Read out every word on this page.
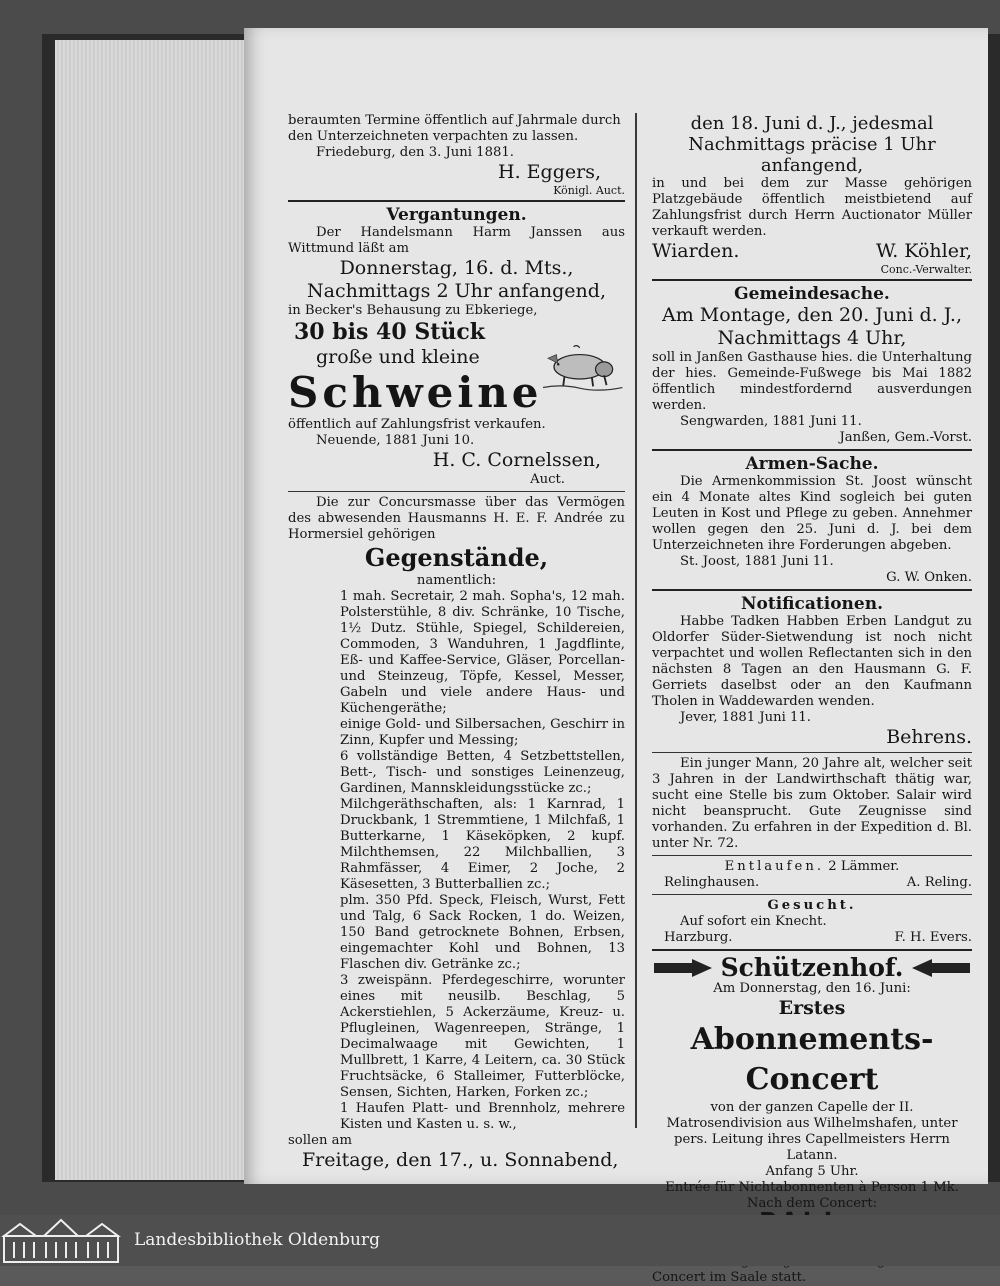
beraumten Termine öffentlich auf Jahrmale durch

den Unterzeichneten verpachten zu lassen.

Friedeburg, den 3. Juni 1881.

H. Eggers,

Königl. Auct.

Vergantungen.

Der Handelsmann Harm Janssen aus Wittmund läßt am

Donnerstag, 16. d. Mts.,

Nachmittags 2 Uhr anfangend,

in Becker's Behausung zu Ebkeriege,

30 bis 40 Stück

große und kleine

Schweine

öffentlich auf Zahlungsfrist verkaufen.

Neuende, 1881 Juni 10.

H. C. Cornelssen,

Auct.

Die zur Concursmasse über das Vermögen des abwesenden Hausmanns H. E. F. Andrée zu Hormersiel gehörigen

Gegenstände,

namentlich:

1 mah. Secretair, 2 mah. Sopha's, 12 mah. Polsterstühle, 8 div. Schränke, 10 Tische, 1½ Dutz. Stühle, Spiegel, Schildereien, Commoden, 3 Wanduhren, 1 Jagdflinte, Eß- und Kaffee-Service, Gläser, Porcellan- und Steinzeug, Töpfe, Kessel, Messer, Gabeln und viele andere Haus- und Küchengeräthe;

einige Gold- und Silbersachen, Geschirr in Zinn, Kupfer und Messing;

6 vollständige Betten, 4 Setzbettstellen, Bett-, Tisch- und sonstiges Leinenzeug, Gardinen, Mannskleidungsstücke zc.;

Milchgeräthschaften, als: 1 Karnrad, 1 Druckbank, 1 Stremmtiene, 1 Milchfaß, 1 Butterkarne, 1 Käseköpken, 2 kupf. Milchthemsen, 22 Milchballien, 3 Rahmfässer, 4 Eimer, 2 Joche, 2 Käsesetten, 3 Butterballien zc.;

plm. 350 Pfd. Speck, Fleisch, Wurst, Fett und Talg, 6 Sack Rocken, 1 do. Weizen, 150 Band getrocknete Bohnen, Erbsen, eingemachter Kohl und Bohnen, 13 Flaschen div. Getränke zc.;

3 zweispänn. Pferdegeschirre, worunter eines mit neusilb. Beschlag, 5 Ackerstiehlen, 5 Ackerzäume, Kreuz- u. Pflugleinen, Wagenreepen, Stränge, 1 Decimalwaage mit Gewichten, 1 Mullbrett, 1 Karre, 4 Leitern, ca. 30 Stück Fruchtsäcke, 6 Stalleimer, Futterblöcke, Sensen, Sichten, Harken, Forken zc.;

1 Haufen Platt- und Brennholz, mehrere Kisten und Kasten u. s. w.,

sollen am

Freitage, den 17., u. Sonnabend,

den 18. Juni d. J., jedesmal Nachmittags präcise 1 Uhr anfangend,

in und bei dem zur Masse gehörigen Platzgebäude öffentlich meistbietend auf Zahlungsfrist durch Herrn Auctionator Müller verkauft werden.

Wiarden.	W. Köhler,

Conc.-Verwalter.

Gemeindesache.

Am Montage, den 20. Juni d. J.,

Nachmittags 4 Uhr,

soll in Janßen Gasthause hies. die Unterhaltung der hies. Gemeinde-Fußwege bis Mai 1882 öffentlich mindestfordernd ausverdungen werden.

Sengwarden, 1881 Juni 11.

Janßen, Gem.-Vorst.

Armen-Sache.

Die Armenkommission St. Joost wünscht ein 4 Monate altes Kind sogleich bei guten Leuten in Kost und Pflege zu geben. Annehmer wollen gegen den 25. Juni d. J. bei dem Unterzeichneten ihre Forderungen abgeben.

St. Joost, 1881 Juni 11.

G. W. Onken.

Notificationen.

Habbe Tadken Habben Erben Landgut zu Oldorfer Süder-Sietwendung ist noch nicht verpachtet und wollen Reflectanten sich in den nächsten 8 Tagen an den Hausmann G. F. Gerriets daselbst oder an den Kaufmann Tholen in Waddewarden wenden.

Jever, 1881 Juni 11.

Behrens.

Ein junger Mann, 20 Jahre alt, welcher seit 3 Jahren in der Landwirthschaft thätig war, sucht eine Stelle bis zum Oktober. Salair wird nicht beansprucht. Gute Zeugnisse sind vorhanden. Zu erfahren in der Expedition d. Bl. unter Nr. 72.

Entlaufen. 2 Lämmer.

Relinghausen.	A. Reling.

Gesucht.

Auf sofort ein Knecht.

Harzburg.	F. H. Evers.
Schützenhof.

Am Donnerstag, den 16. Juni:

Erstes

Abonnements-Concert

von der ganzen Capelle der II. Matrosendivision aus Wilhelmshafen, unter pers. Leitung ihres Capellmeisters Herrn Latann.

Anfang 5 Uhr.

Entrée für Nichtabonnenten à Person 1 Mk.

Nach dem Concert:

Concert im Saale statt.

Landesbibliothek Oldenburg
